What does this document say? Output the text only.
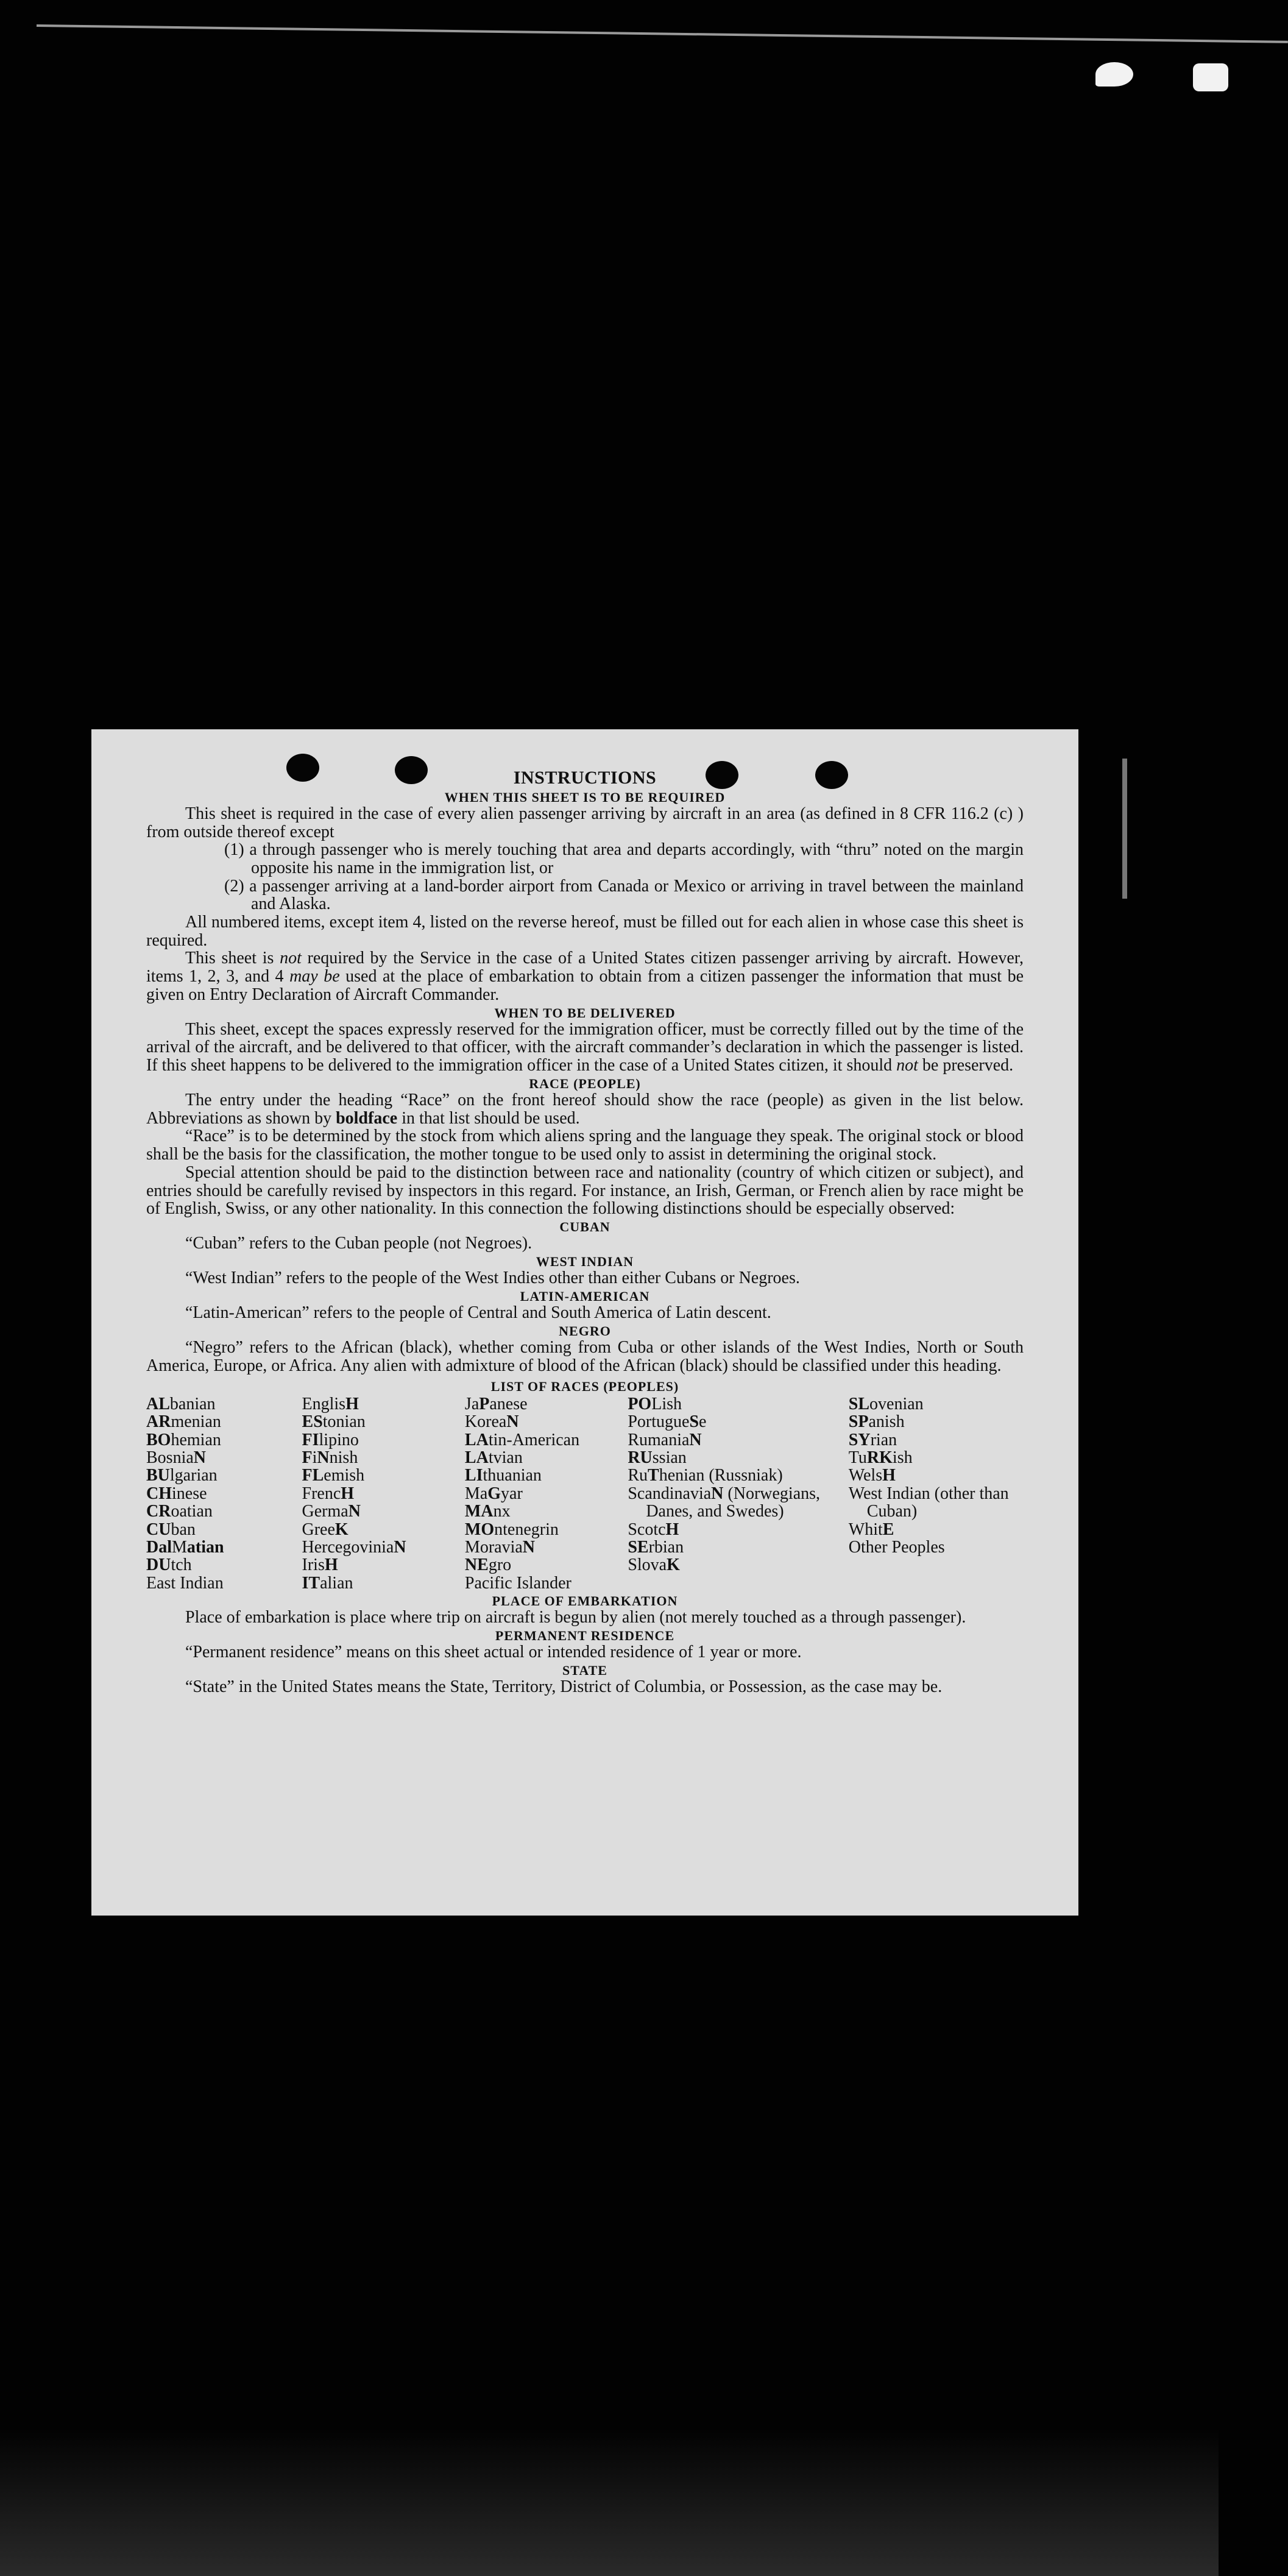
INSTRUCTIONS
WHEN THIS SHEET IS TO BE REQUIRED

This sheet is required in the case of every alien passenger arriving by aircraft in an area (as defined in 8 CFR 116.2 (c) ) from outside thereof except

(1) a through passenger who is merely touching that area and departs accordingly, with “thru” noted on the margin opposite his name in the immigration list, or

(2) a passenger arriving at a land-border airport from Canada or Mexico or arriving in travel between the mainland and Alaska.

All numbered items, except item 4, listed on the reverse hereof, must be filled out for each alien in whose case this sheet is required.

This sheet is not required by the Service in the case of a United States citizen passenger arriving by aircraft. However, items 1, 2, 3, and 4 may be used at the place of embarkation to obtain from a citizen passenger the information that must be given on Entry Declaration of Aircraft Commander.

WHEN TO BE DELIVERED

This sheet, except the spaces expressly reserved for the immigration officer, must be correctly filled out by the time of the arrival of the aircraft, and be delivered to that officer, with the aircraft commander’s declaration in which the passenger is listed. If this sheet happens to be delivered to the immigration officer in the case of a United States citizen, it should not be preserved.

RACE (PEOPLE)

The entry under the heading “Race” on the front hereof should show the race (people) as given in the list below. Abbreviations as shown by boldface in that list should be used.

“Race” is to be determined by the stock from which aliens spring and the language they speak. The original stock or blood shall be the basis for the classification, the mother tongue to be used only to assist in determining the original stock.

Special attention should be paid to the distinction between race and nationality (country of which citizen or subject), and entries should be carefully revised by inspectors in this regard. For instance, an Irish, German, or French alien by race might be of English, Swiss, or any other nationality. In this connection the following distinctions should be especially observed:

CUBAN

“Cuban” refers to the Cuban people (not Negroes).

WEST INDIAN

“West Indian” refers to the people of the West Indies other than either Cubans or Negroes.

LATIN-AMERICAN

“Latin-American” refers to the people of Central and South America of Latin descent.

NEGRO

“Negro” refers to the African (black), whether coming from Cuba or other islands of the West Indies, North or South America, Europe, or Africa. Any alien with admixture of blood of the African (black) should be classified under this heading.

LIST OF RACES (PEOPLES)
ALbanian
ARmenian
BOhemian
BosniaN
BUlgarian
CHinese
CRoatian
CUban
DalMatian
DUtch
East Indian
EnglisH
EStonian
FIlipino
FiNnish
FLemish
FrencH
GermaN
GreeK
HercegoviniaN
IrisH
ITalian
JaPanese
KoreaN
LAtin-American
LAtvian
LIthuanian
MaGyar
MAnx
MOntenegrin
MoraviaN
NEgro
Pacific Islander
POLish
PortugueSe
RumaniaN
RUssian
RuThenian (Russniak)
ScandinaviaN (Norwegians, Danes, and Swedes)
ScotcH
SErbian
SlovaK
SLovenian
SPanish
SYrian
TuRKish
WelsH
West Indian (other than Cuban)
WhitE
Other Peoples
PLACE OF EMBARKATION

Place of embarkation is place where trip on aircraft is begun by alien (not merely touched as a through passenger).

PERMANENT RESIDENCE

“Permanent residence” means on this sheet actual or intended residence of 1 year or more.

STATE

“State” in the United States means the State, Territory, District of Columbia, or Possession, as the case may be.
